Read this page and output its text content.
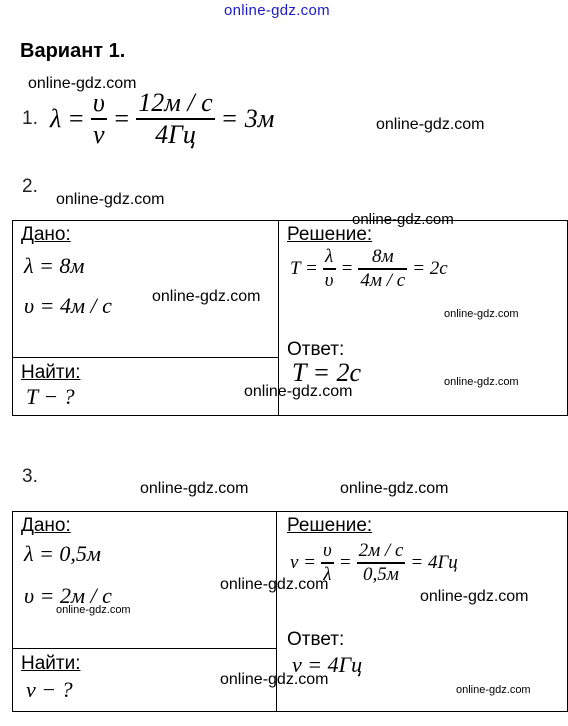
online-gdz.com
Вариант 1.
online-gdz.com
1. $\lambda = \frac{\upsilon}{\nu} = \frac{12м / с}{4Гц} = 3м$	online-gdz.com
2.
online-gdz.com
online-gdz.com
Дано:
λ = 8м
υ = 4м / с	online-gdz.com
Найти:
T − ?	online-gdz.com
Решение:
$T = \frac{\lambda}{\upsilon} = \frac{8м}{4м / с} = 2с$
online-gdz.com
Ответ:
T = 2с	online-gdz.com
3.
online-gdz.com	online-gdz.com
Дано:
λ = 0,5м
υ = 2м / с
online-gdz.com
Найти:
ν − ?
Решение:
$\nu = \frac{\upsilon}{\lambda} = \frac{2м / с}{0,5м} = 4Гц$
online-gdz.com
online-gdz.com
Ответ:
ν = 4Гц
online-gdz.com
online-gdz.com
